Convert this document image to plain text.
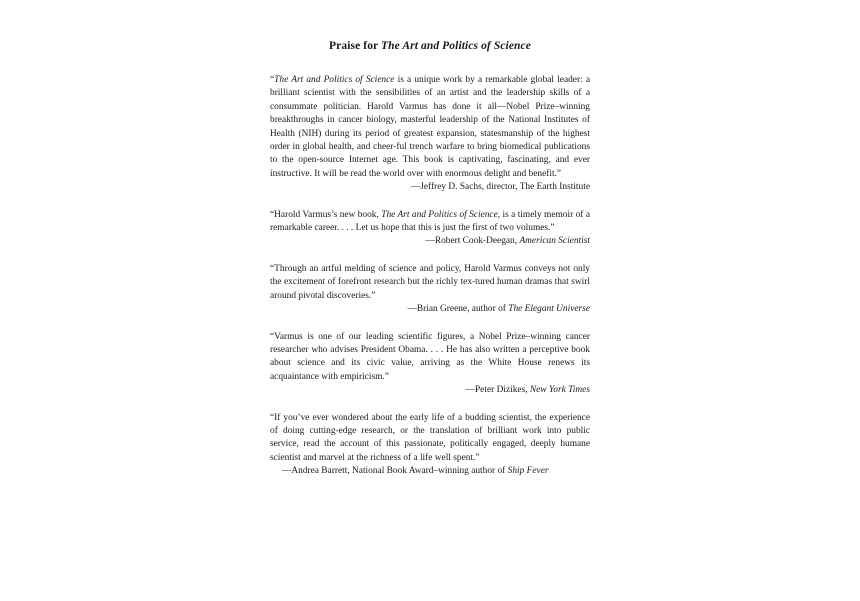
Praise for The Art and Politics of Science

“The Art and Politics of Science is a unique work by a remarkable global leader: a brilliant scientist with the sensibilities of an artist and the leadership skills of a consummate politician. Harold Varmus has done it all—Nobel Prize–winning breakthroughs in cancer biology, masterful leadership of the National Institutes of Health (NIH) during its period of greatest expansion, statesmanship of the highest order in global health, and cheer-ful trench warfare to bring biomedical publications to the open-source Internet age. This book is captivating, fascinating, and ever instructive. It will be read the world over with enormous delight and benefit.”

—Jeffrey D. Sachs, director, The Earth Institute

“Harold Varmus’s new book, The Art and Politics of Science, is a timely memoir of a remarkable career. . . . Let us hope that this is just the first of two volumes.”

—Robert Cook-Deegan, American Scientist

“Through an artful melding of science and policy, Harold Varmus conveys not only the excitement of forefront research but the richly tex-tured human dramas that swirl around pivotal discoveries.”

—Brian Greene, author of The Elegant Universe

“Varmus is one of our leading scientific figures, a Nobel Prize–winning cancer researcher who advises President Obama. . . . He has also written a perceptive book about science and its civic value, arriving as the White House renews its acquaintance with empiricism.”

—Peter Dizikes, New York Times

“If you’ve ever wondered about the early life of a budding scientist, the experience of doing cutting-edge research, or the translation of brilliant work into public service, read the account of this passionate, politically engaged, deeply humane scientist and marvel at the richness of a life well spent.”

—Andrea Barrett, National Book Award–winning author of Ship Fever
